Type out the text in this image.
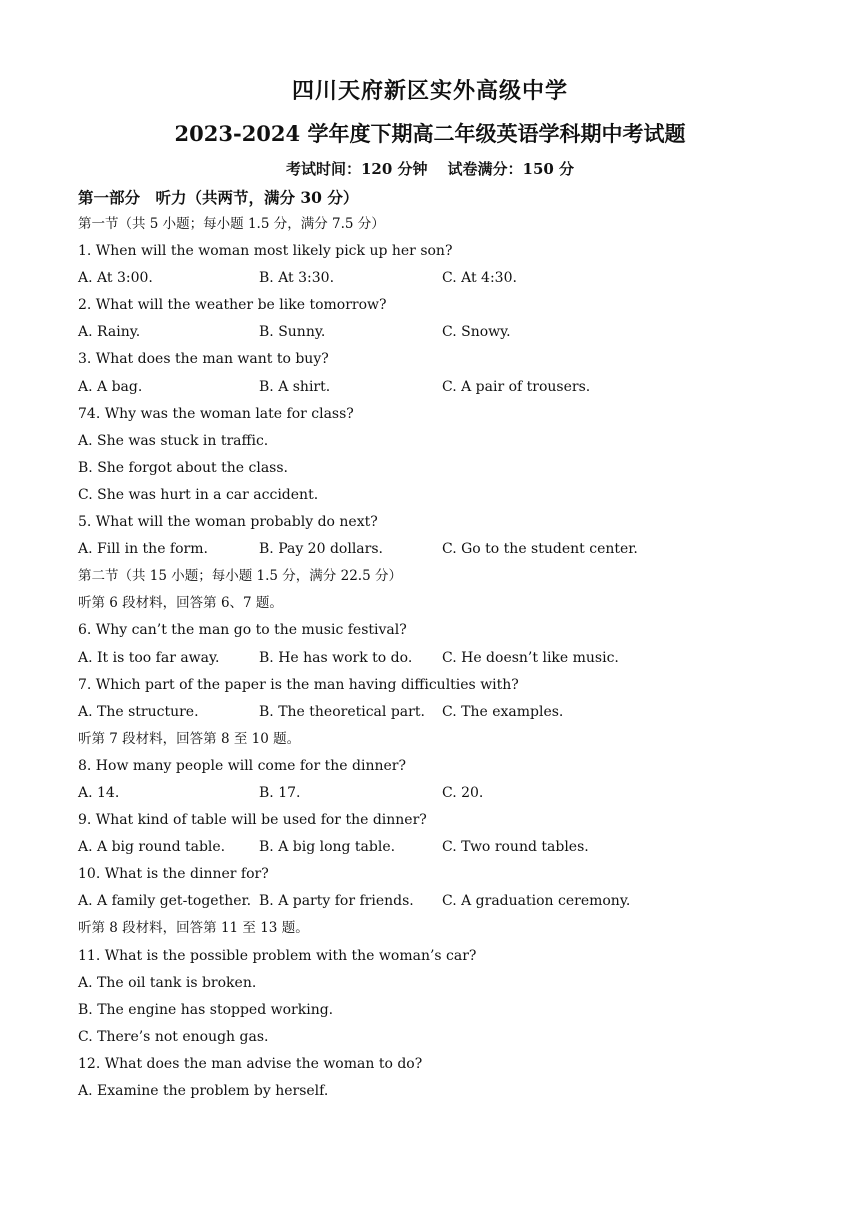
四川天府新区实外高级中学
2023-2024 学年度下期高二年级英语学科期中考试题
考试时间：120 分钟 试卷满分：150 分
第一部分　听力（共两节，满分 30 分）
第一节（共 5 小题；每小题 1.5 分，满分 7.5 分）
1. When will the woman most likely pick up her son?
A. At 3:00.	B. At 3:30.	C. At 4:30.
2. What will the weather be like tomorrow?
A. Rainy.	B. Sunny.	C. Snowy.
3. What does the man want to buy?
A. A bag.	B. A shirt.	C. A pair of trousers.
74. Why was the woman late for class?
A. She was stuck in traffic.
B. She forgot about the class.
C. She was hurt in a car accident.
5. What will the woman probably do next?
A. Fill in the form.	B. Pay 20 dollars.	C. Go to the student center.
第二节（共 15 小题；每小题 1.5 分，满分 22.5 分）
听第 6 段材料，回答第 6、7 题。
6. Why can’t the man go to the music festival?
A. It is too far away.	B. He has work to do.	C. He doesn’t like music.
7. Which part of the paper is the man having difficulties with?
A. The structure.	B. The theoretical part.	C. The examples.
听第 7 段材料，回答第 8 至 10 题。
8. How many people will come for the dinner?
A. 14.	B. 17.	C. 20.
9. What kind of table will be used for the dinner?
A. A big round table.	B. A big long table.	C. Two round tables.
10. What is the dinner for?
A. A family get-together. B. A party for friends.	C. A graduation ceremony.
听第 8 段材料，回答第 11 至 13 题。
11. What is the possible problem with the woman’s car?
A. The oil tank is broken.
B. The engine has stopped working.
C. There’s not enough gas.
12. What does the man advise the woman to do?
A. Examine the problem by herself.
